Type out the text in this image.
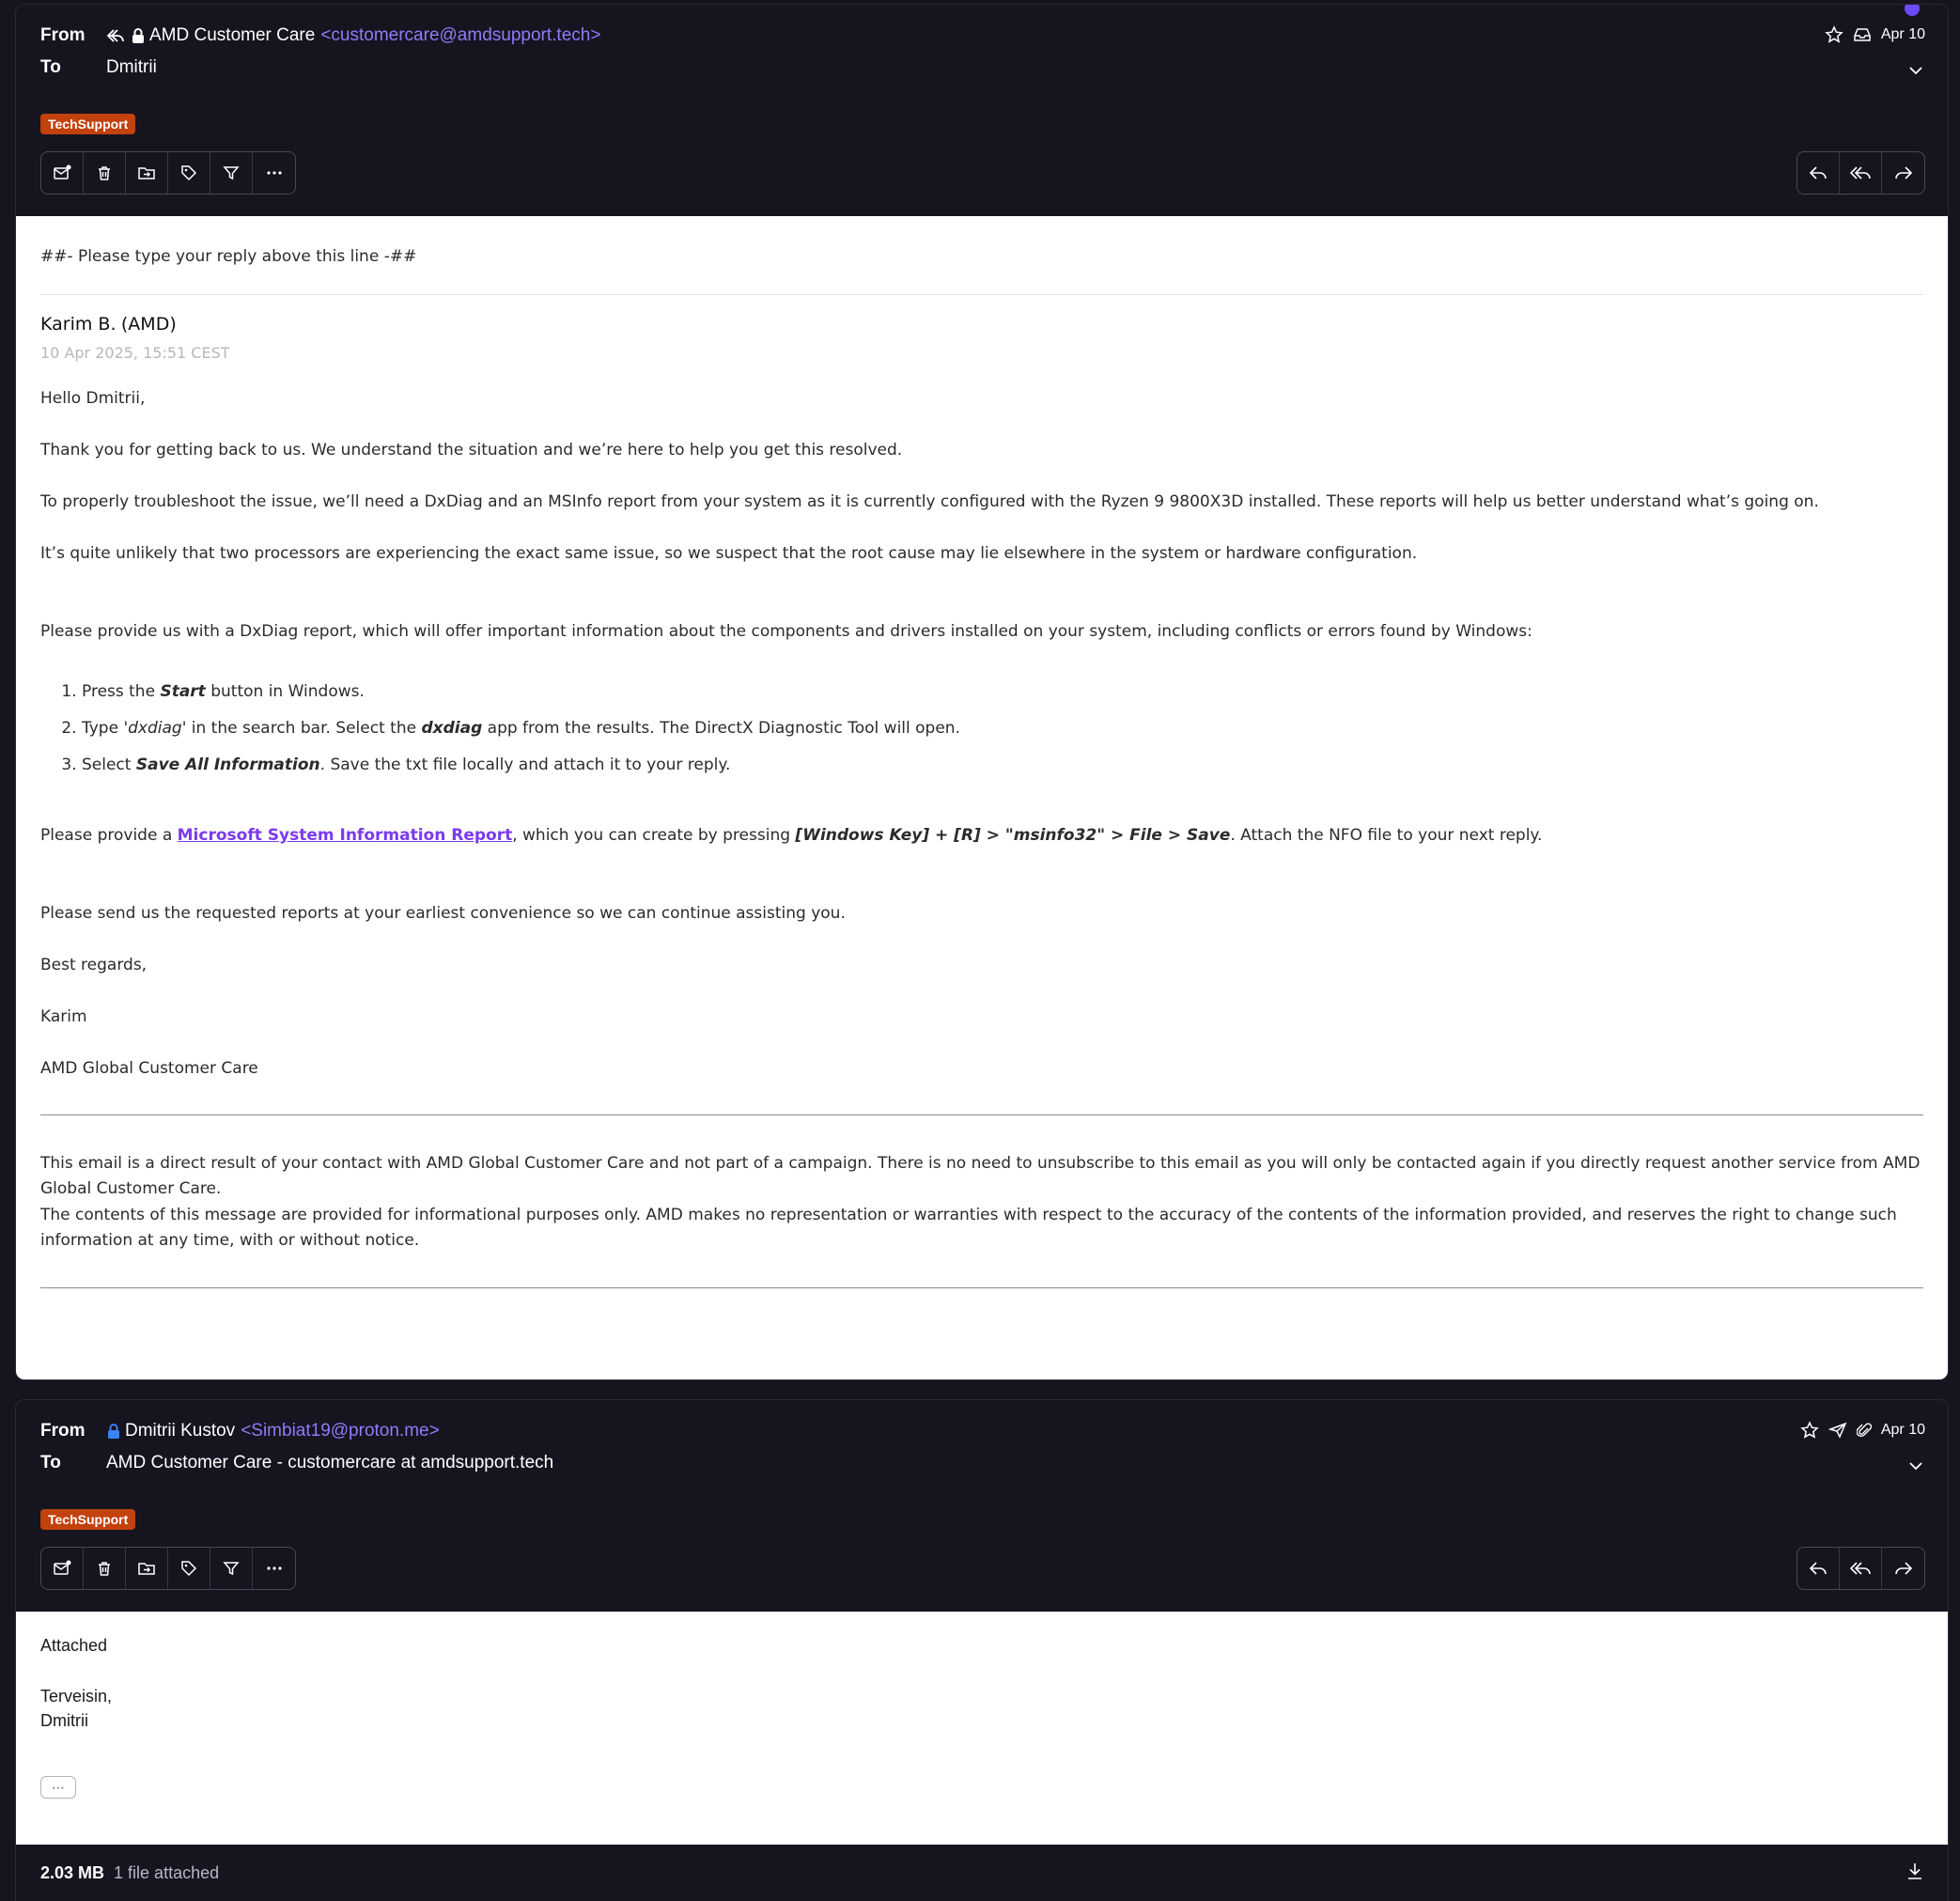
From	AMD Customer Care <customercare@amdsupport.tech>
To	Dmitrii
Apr 10
TechSupport

##- Please type your reply above this line -##

Karim B. (AMD)

10 Apr 2025, 15:51 CEST

Hello Dmitrii,

Thank you for getting back to us. We understand the situation and we’re here to help you get this resolved.

To properly troubleshoot the issue, we’ll need a DxDiag and an MSInfo report from your system as it is currently configured with the Ryzen 9 9800X3D installed. These reports will help us better understand what’s going on.

It’s quite unlikely that two processors are experiencing the exact same issue, so we suspect that the root cause may lie elsewhere in the system or hardware configuration.

Please provide us with a DxDiag report, which will offer important information about the components and drivers installed on your system, including conflicts or errors found by Windows:

1. Press the Start button in Windows.
2. Type 'dxdiag' in the search bar. Select the dxdiag app from the results. The DirectX Diagnostic Tool will open.
3. Select Save All Information. Save the txt file locally and attach it to your reply.

Please provide a Microsoft System Information Report, which you can create by pressing [Windows Key] + [R] > "msinfo32" > File > Save. Attach the NFO file to your next reply.

Please send us the requested reports at your earliest convenience so we can continue assisting you.

Best regards,

Karim

AMD Global Customer Care

This email is a direct result of your contact with AMD Global Customer Care and not part of a campaign. There is no need to unsubscribe to this email as you will only be contacted again if you directly request another service from AMD Global Customer Care.

The contents of this message are provided for informational purposes only. AMD makes no representation or warranties with respect to the accuracy of the contents of the information provided, and reserves the right to change such information at any time, with or without notice.

From	Dmitrii Kustov <Simbiat19@proton.me>
To	AMD Customer Care - customercare at amdsupport.tech
Apr 10
TechSupport

Attached

Terveisin,

Dmitrii

⋯
2.03 MB 1 file attached
